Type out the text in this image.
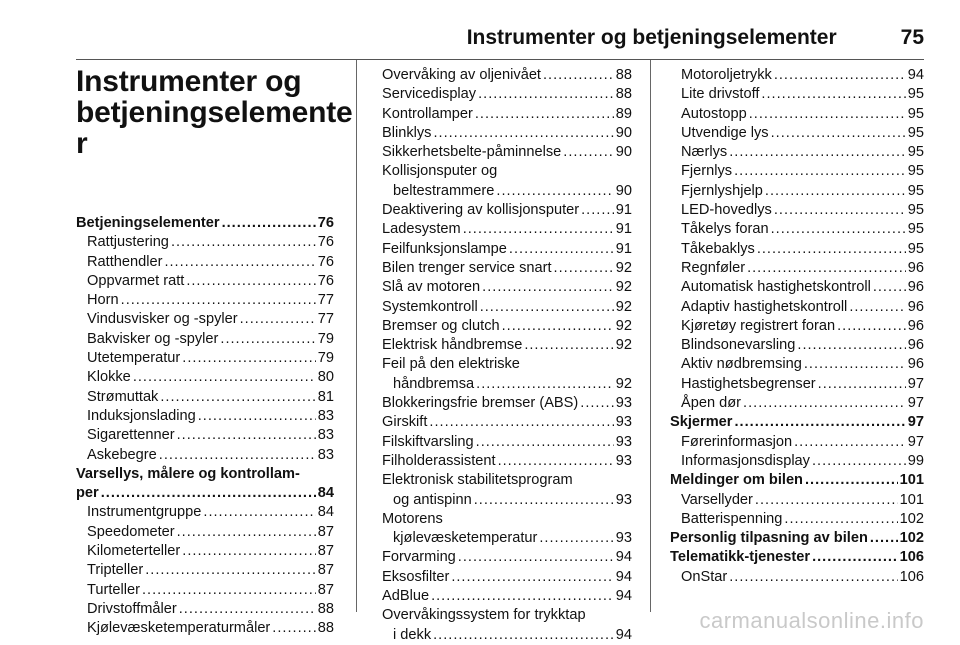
Instrumenter og betjeningselementer	75
Instrumenter og
betjeningselemente
r
Betjeningselementer .....	76
Rattjustering .....	76
Ratthendler .....	76
Oppvarmet ratt .....	76
Horn .....	77
Vindusvisker og -spyler .....	77
Bakvisker og -spyler .....	79
Utetemperatur .....	79
Klokke .....	80
Strømuttak .....	81
Induksjonslading .....	83
Sigarettenner .....	83
Askebegre .....	83
Varsellys, målere og kontrollam-
per .....	84
Instrumentgruppe .....	84
Speedometer .....	87
Kilometerteller .....	87
Tripteller .....	87
Turteller .....	87
Drivstoffmåler .....	88
Kjølevæsketemperaturmåler .....	88
Overvåking av oljenivået .....	88
Servicedisplay .....	88
Kontrollamper .....	89
Blinklys .....	90
Sikkerhetsbelte-påminnelse .....	90
Kollisjonsputer og
beltestrammere .....	90
Deaktivering av kollisjonsputer .....	91
Ladesystem .....	91
Feilfunksjonslampe .....	91
Bilen trenger service snart .....	92
Slå av motoren .....	92
Systemkontroll .....	92
Bremser og clutch .....	92
Elektrisk håndbremse .....	92
Feil på den elektriske
håndbremsa .....	92
Blokkeringsfrie bremser (ABS) .....	93
Girskift .....	93
Filskiftvarsling .....	93
Filholderassistent .....	93
Elektronisk stabilitetsprogram
og antispinn .....	93
Motorens
kjølevæsketemperatur .....	93
Forvarming .....	94
Eksosfilter .....	94
AdBlue .....	94
Overvåkingssystem for trykktap
i dekk .....	94
Motoroljetrykk .....	94
Lite drivstoff .....	95
Autostopp .....	95
Utvendige lys .....	95
Nærlys .....	95
Fjernlys .....	95
Fjernlyshjelp .....	95
LED-hovedlys .....	95
Tåkelys foran .....	95
Tåkebaklys .....	95
Regnføler .....	96
Automatisk hastighetskontroll .....	96
Adaptiv hastighetskontroll .....	96
Kjøretøy registrert foran .....	96
Blindsonevarsling .....	96
Aktiv nødbremsing .....	96
Hastighetsbegrenser .....	97
Åpen dør .....	97
Skjermer .....	97
Førerinformasjon .....	97
Informasjonsdisplay .....	99
Meldinger om bilen .....	101
Varsellyder .....	101
Batterispenning .....	102
Personlig tilpasning av bilen ..... 102
Telematikk-tjenester .....	106
OnStar .....	106
carmanualsonline.info
